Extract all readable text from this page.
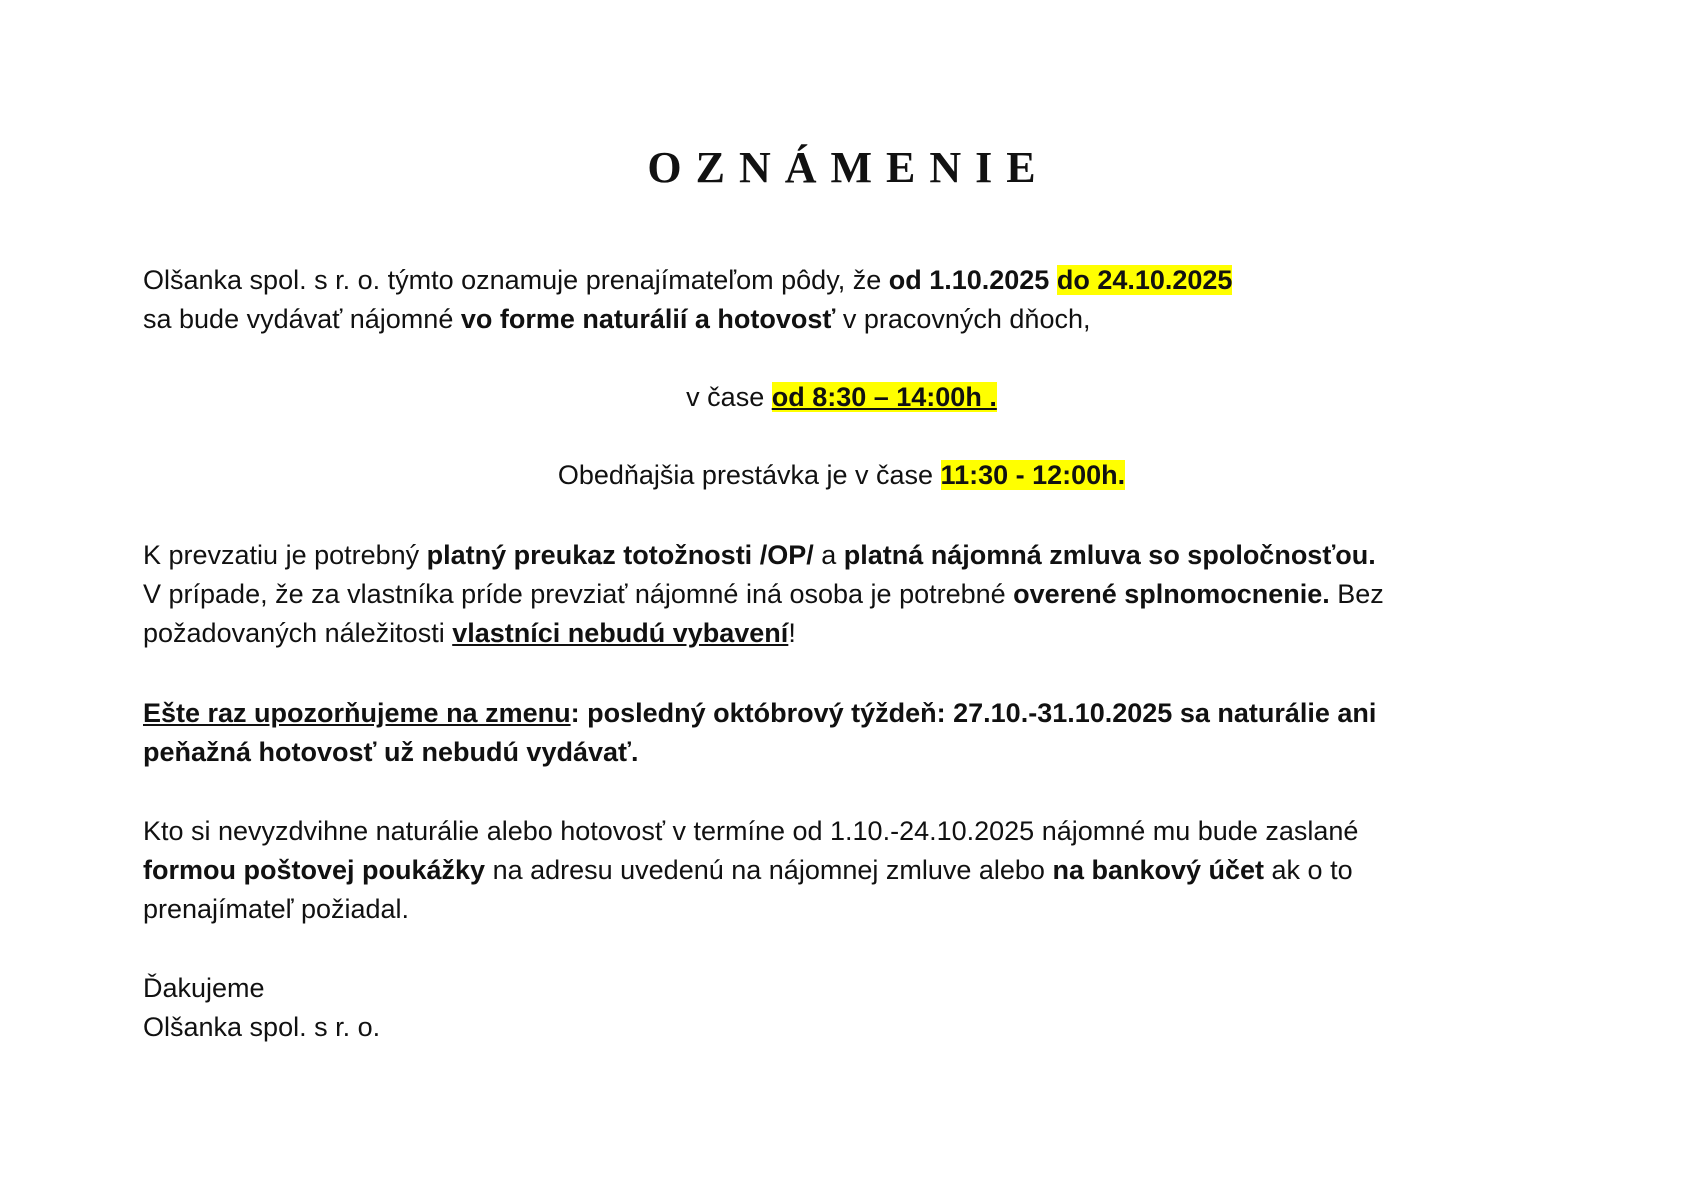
OZNÁMENIE
Olšanka spol. s r. o. týmto oznamuje prenajímateľom pôdy, že od 1.10.2025 do 24.10.2025
sa bude vydávať nájomné vo forme naturálií a hotovosť v pracovných dňoch,
v čase od 8:30 – 14:00h .
Obedňajšia prestávka je v čase 11:30 - 12:00h.
K prevzatiu je potrebný platný preukaz totožnosti /OP/ a platná nájomná zmluva so spoločnosťou.
V prípade, že za vlastníka príde prevziať nájomné iná osoba je potrebné overené splnomocnenie. Bez
požadovaných náležitosti vlastníci nebudú vybavení!
Ešte raz upozorňujeme na zmenu: posledný októbrový týždeň: 27.10.-31.10.2025 sa naturálie ani
peňažná hotovosť už nebudú vydávať.
Kto si nevyzdvihne naturálie alebo hotovosť v termíne od 1.10.-24.10.2025 nájomné mu bude zaslané
formou poštovej poukážky na adresu uvedenú na nájomnej zmluve alebo na bankový účet ak o to
prenajímateľ požiadal.
Ďakujeme
Olšanka spol. s r. o.
